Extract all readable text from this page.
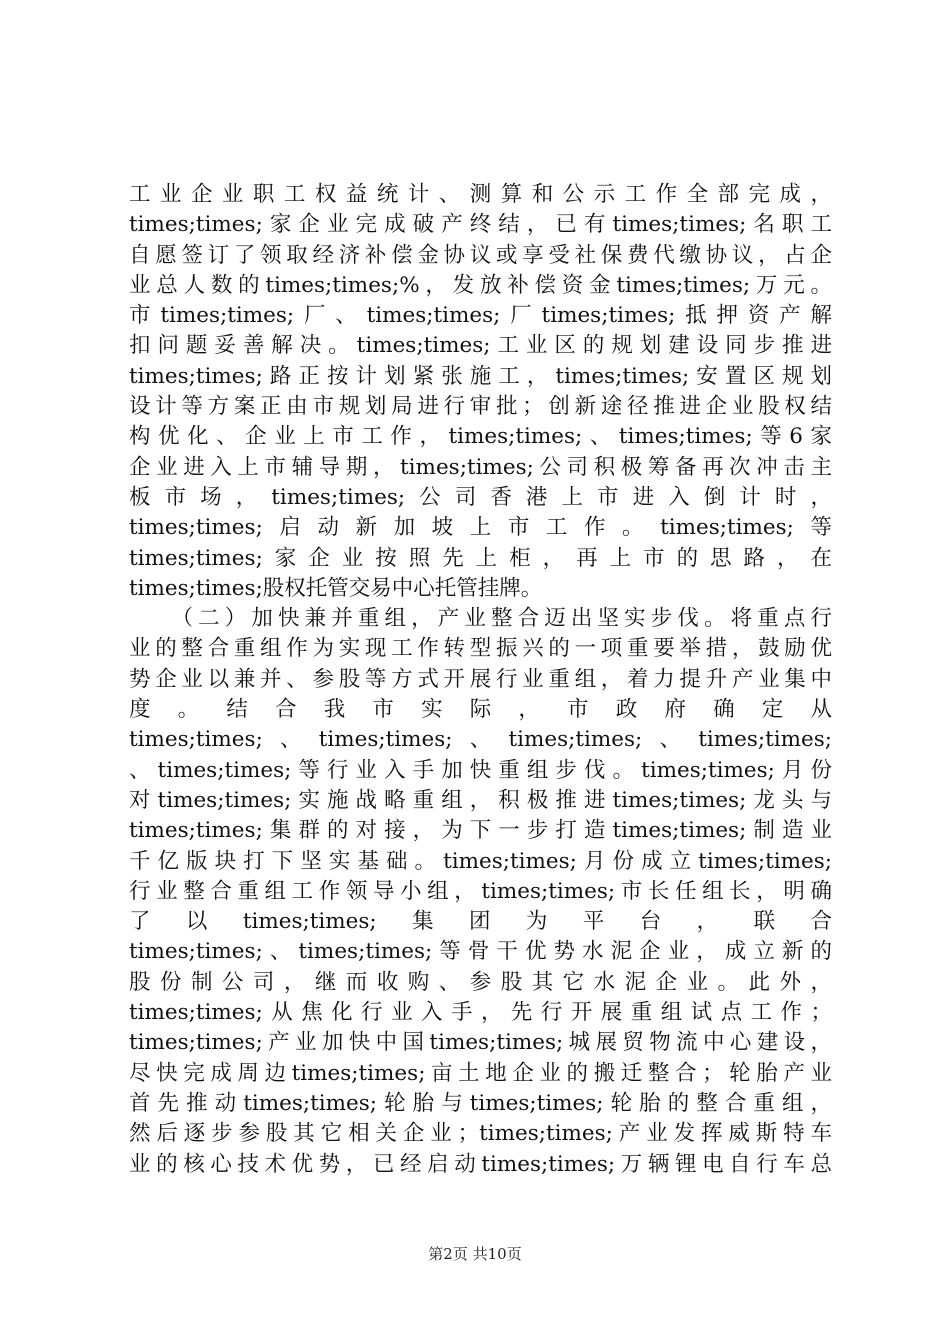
工业企业职工权益统计、测算和公示工作全部完成，
times;times;家企业完成破产终结，已有times;times;名职工
自愿签订了领取经济补偿金协议或享受社保费代缴协议，占企
业总人数的times;times;%，发放补偿资金times;times;万元。
市times;times;厂、times;times;厂times;times;抵押资产解
扣问题妥善解决。times;times;工业区的规划建设同步推进
times;times;路正按计划紧张施工，times;times;安置区规划
设计等方案正由市规划局进行审批；创新途径推进企业股权结
构优化、企业上市工作，times;times;、times;times;等6家
企业进入上市辅导期，times;times;公司积极筹备再次冲击主
板市场，times;times;公司香港上市进入倒计时，
times;times;启动新加坡上市工作。times;times;等
times;times;家企业按照先上柜，再上市的思路，在
times;times;股权托管交易中心托管挂牌。
　　（二）加快兼并重组，产业整合迈出坚实步伐。将重点行
业的整合重组作为实现工作转型振兴的一项重要举措，鼓励优
势企业以兼并、参股等方式开展行业重组，着力提升产业集中
度。结合我市实际，市政府确定从
times;times;、times;times;、times;times;、times;times;
、times;times;等行业入手加快重组步伐。times;times;月份
对times;times;实施战略重组，积极推进times;times;龙头与
times;times;集群的对接，为下一步打造times;times;制造业
千亿版块打下坚实基础。times;times;月份成立times;times;
行业整合重组工作领导小组，times;times;市长任组长，明确
了以times;times;集团为平台，联合
times;times;、times;times;等骨干优势水泥企业，成立新的
股份制公司，继而收购、参股其它水泥企业。此外，
times;times;从焦化行业入手，先行开展重组试点工作；
times;times;产业加快中国times;times;城展贸物流中心建设，
尽快完成周边times;times;亩土地企业的搬迁整合；轮胎产业
首先推动times;times;轮胎与times;times;轮胎的整合重组，
然后逐步参股其它相关企业；times;times;产业发挥威斯特车
业的核心技术优势，已经启动times;times;万辆锂电自行车总
第2页 共10页
